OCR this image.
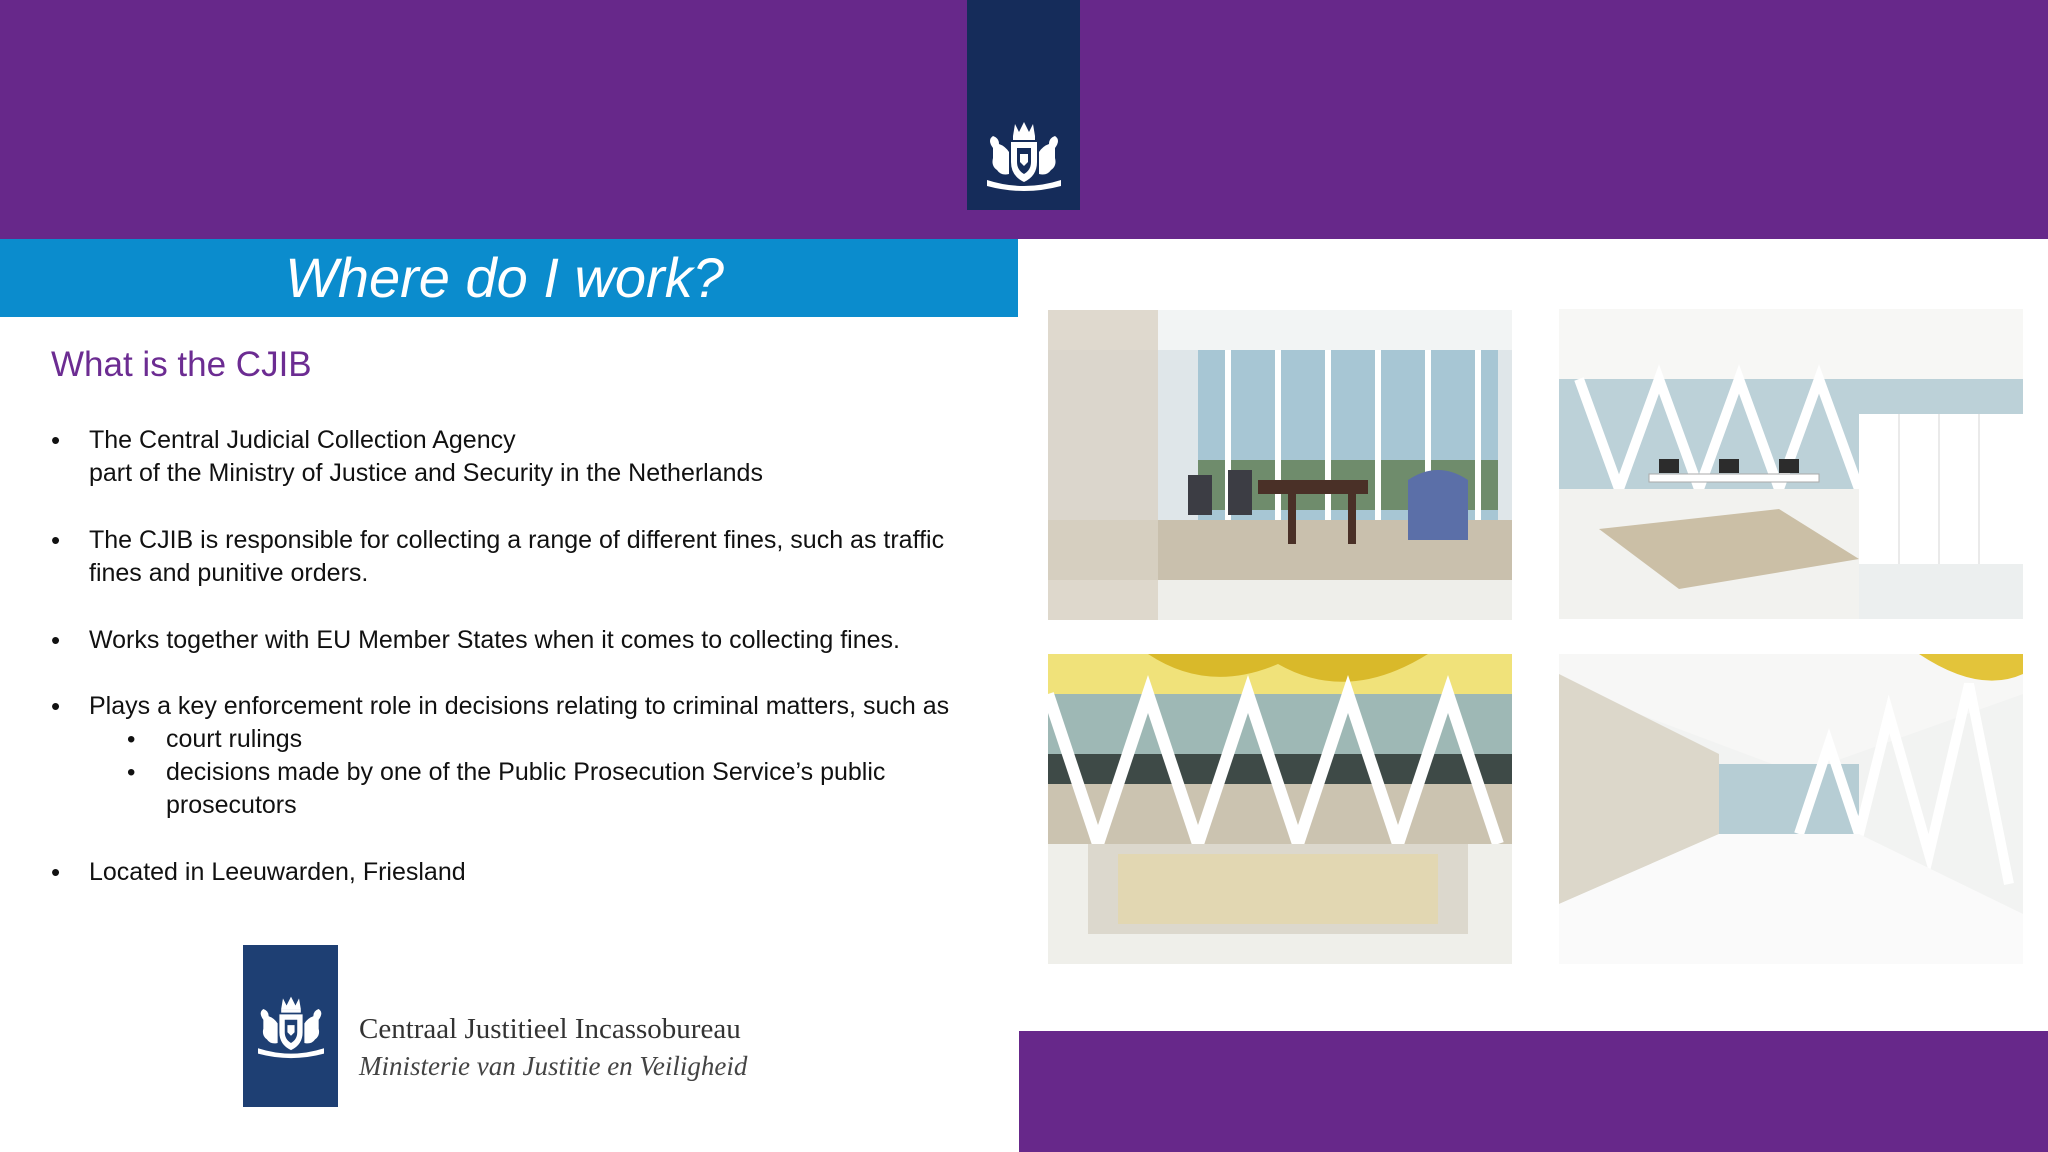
Where do I work?
What is the CJIB
• The Central Judicial Collection Agency
part of the Ministry of Justice and Security in the Netherlands
• The CJIB is responsible for collecting a range of different fines, such as traffic
fines and punitive orders.
• Works together with EU Member States when it comes to collecting fines.
• Plays a key enforcement role in decisions relating to criminal matters, such as
• court rulings
• decisions made by one of the Public Prosecution Service’s public
prosecutors
• Located in Leeuwarden, Friesland
Centraal Justitieel Incassobureau
Ministerie van Justitie en Veiligheid
